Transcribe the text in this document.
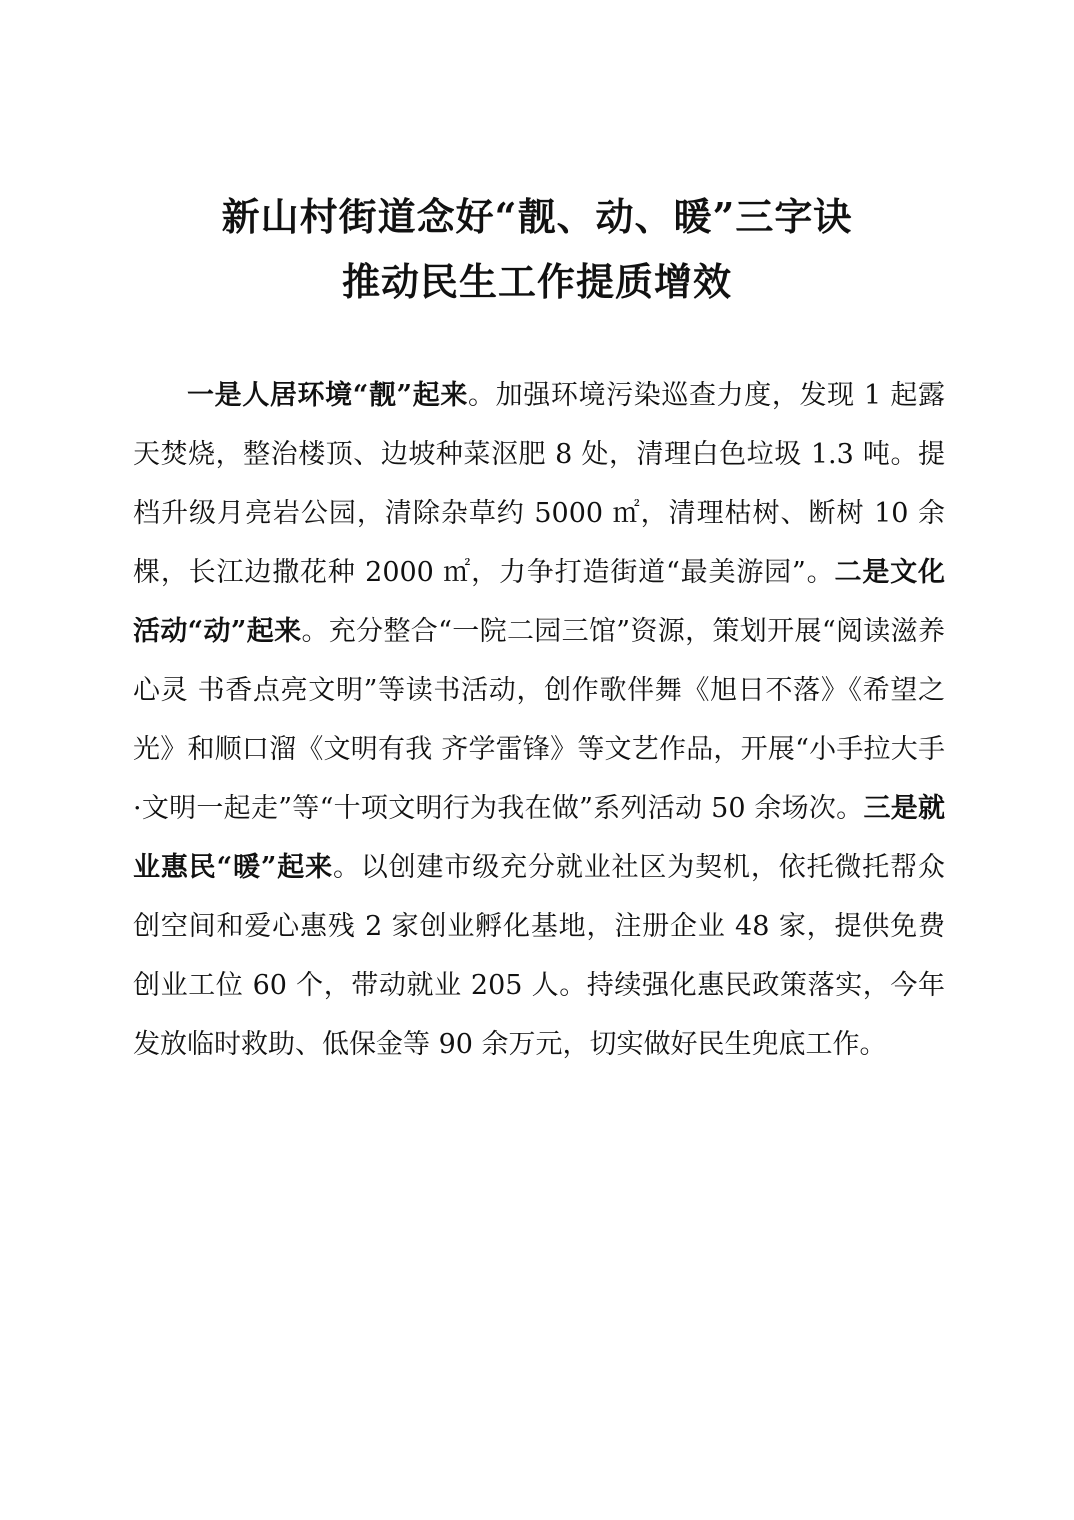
新山村街道念好“靓、动、暖”三字诀
推动民生工作提质增效

一是人居环境“靓”起来。加强环境污染巡查力度，发现 1 起露天焚烧，整治楼顶、边坡种菜沤肥 8 处，清理白色垃圾 1.3 吨。提档升级月亮岩公园，清除杂草约 5000 ㎡，清理枯树、断树 10 余棵，长江边撒花种 2000 ㎡，力争打造街道“最美游园”。二是文化活动“动”起来。充分整合“一院二园三馆”资源，策划开展“阅读滋养心灵 书香点亮文明”等读书活动，创作歌伴舞《旭日不落》《希望之光》和顺口溜《文明有我 齐学雷锋》等文艺作品，开展“小手拉大手·文明一起走”等“十项文明行为我在做”系列活动 50 余场次。三是就业惠民“暖”起来。以创建市级充分就业社区为契机，依托微托帮众创空间和爱心惠残 2 家创业孵化基地，注册企业 48 家，提供免费创业工位 60 个，带动就业 205 人。持续强化惠民政策落实，今年发放临时救助、低保金等 90 余万元，切实做好民生兜底工作。
